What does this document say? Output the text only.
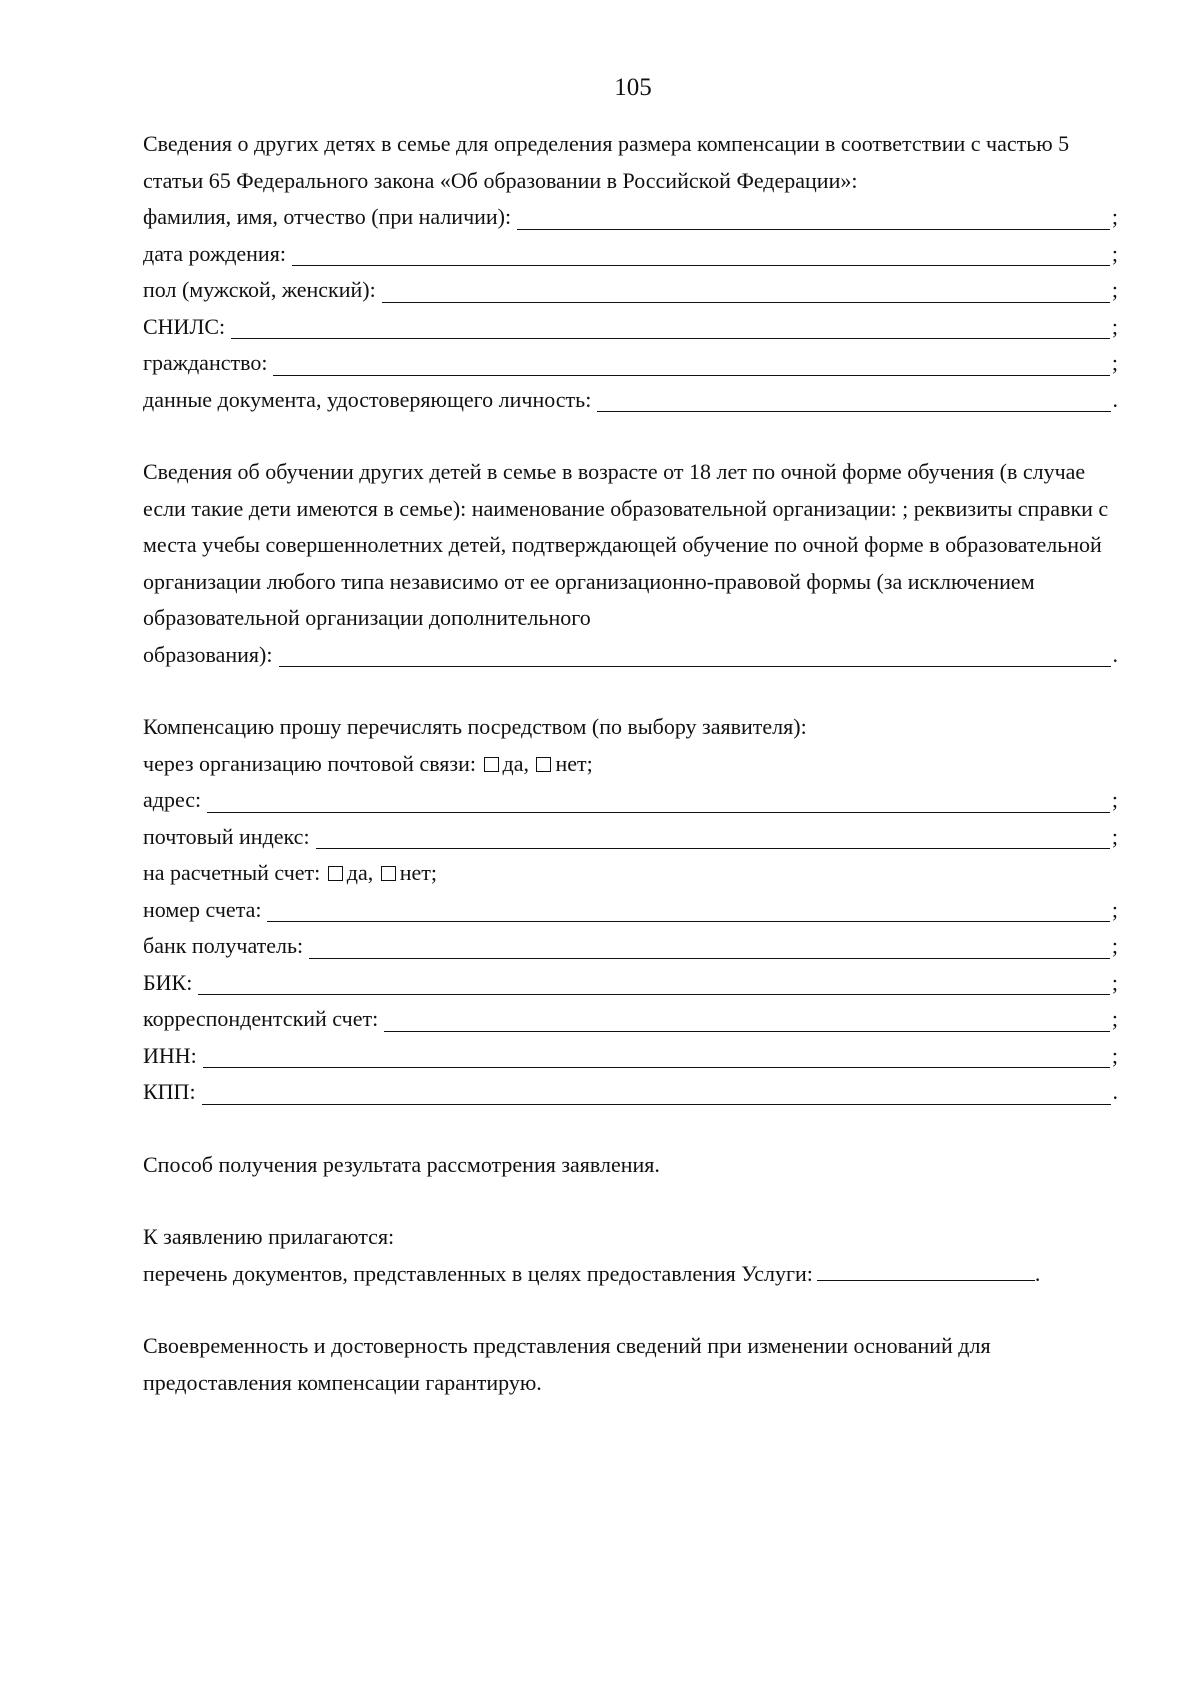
105
Сведения о других детях в семье для определения размера компенсации в соответствии с частью 5 статьи 65 Федерального закона «Об образовании в Российской Федерации»:
фамилия, имя, отчество (при наличии):	;
дата рождения:	;
пол (мужской, женский):	;
СНИЛС:	;
гражданство:	;
данные документа, удостоверяющего личность:	.
Сведения об обучении других детей в семье в возрасте от 18 лет по очной форме обучения (в случае если такие дети имеются в семье): наименование образовательной организации: ; реквизиты справки с места учебы совершеннолетних детей, подтверждающей обучение по очной форме в образовательной организации любого типа независимо от ее организационно-правовой формы (за исключением образовательной организации дополнительного
образования):	.
Компенсацию прошу перечислять посредством (по выбору заявителя):
через организацию почтовой связи: да, нет;
адрес:	;
почтовый индекс:	;
на расчетный счет: да, нет;
номер счета:	;
банк получатель:	;
БИК:	;
корреспондентский счет:	;
ИНН:	;
КПП:	.
Способ получения результата рассмотрения заявления.
К заявлению прилагаются:
перечень документов, представленных в целях предоставления Услуги:	.
Своевременность и достоверность представления сведений при изменении оснований для предоставления компенсации гарантирую.
